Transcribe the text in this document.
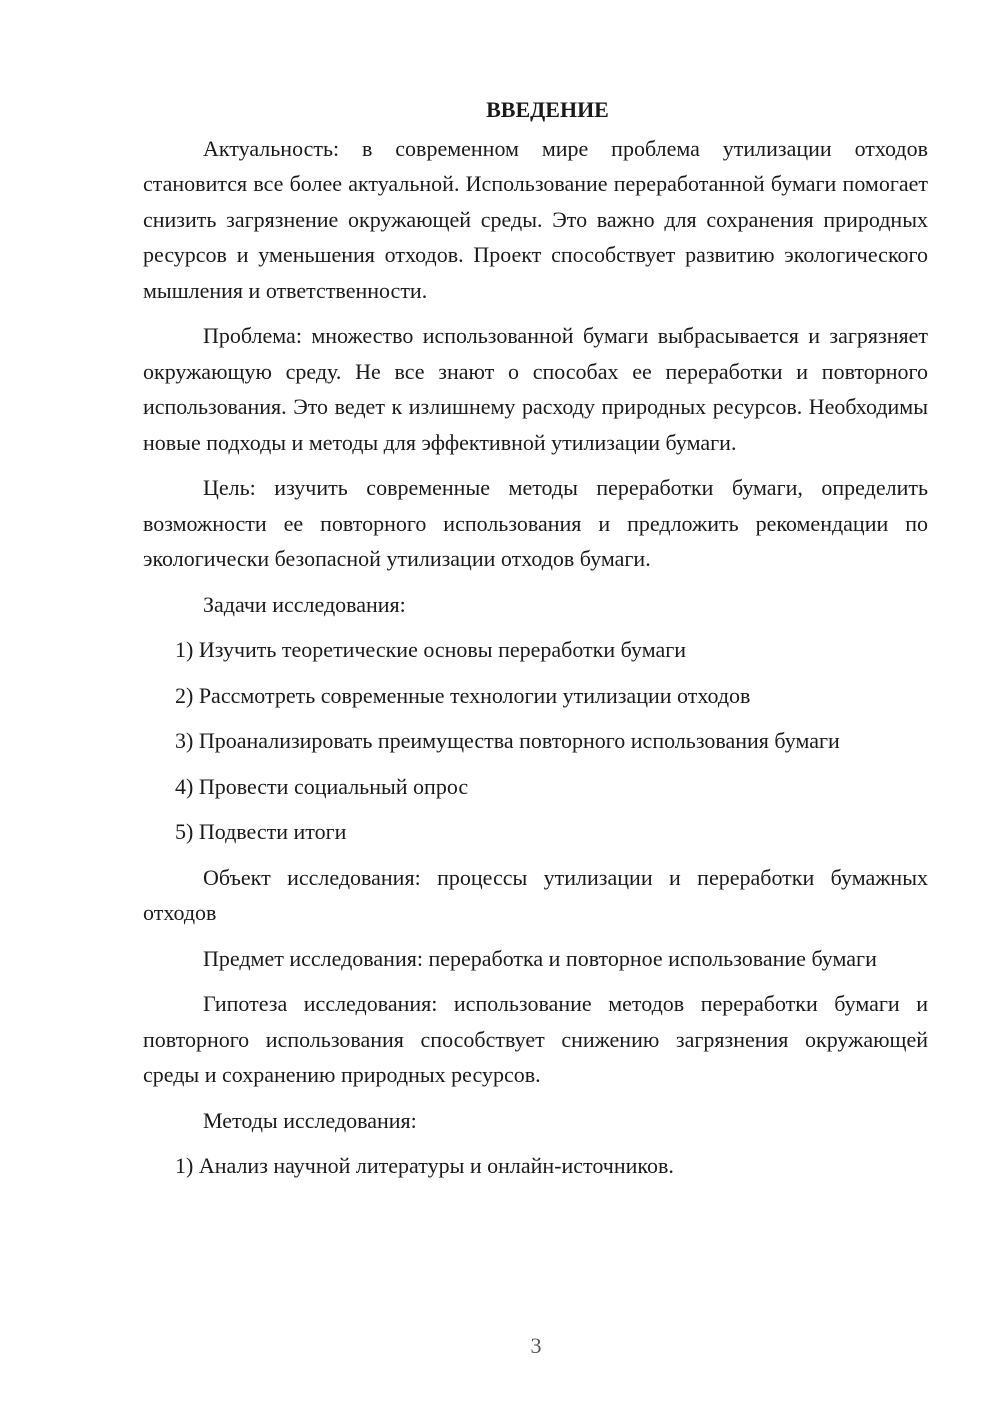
ВВЕДЕНИЕ

Актуальность: в современном мире проблема утилизации отходов становится все более актуальной. Использование переработанной бумаги помогает снизить загрязнение окружающей среды. Это важно для сохранения природных ресурсов и уменьшения отходов. Проект способствует развитию экологического мышления и ответственности.

Проблема: множество использованной бумаги выбрасывается и загрязняет окружающую среду. Не все знают о способах ее переработки и повторного использования. Это ведет к излишнему расходу природных ресурсов. Необходимы новые подходы и методы для эффективной утилизации бумаги.

Цель: изучить современные методы переработки бумаги, определить возможности ее повторного использования и предложить рекомендации по экологически безопасной утилизации отходов бумаги.

Задачи исследования:

1) Изучить теоретические основы переработки бумаги

2) Рассмотреть современные технологии утилизации отходов

3) Проанализировать преимущества повторного использования бумаги

4) Провести социальный опрос

5) Подвести итоги

Объект исследования: процессы утилизации и переработки бумажных отходов

Предмет исследования: переработка и повторное использование бумаги

Гипотеза исследования: использование методов переработки бумаги и повторного использования способствует снижению загрязнения окружающей среды и сохранению природных ресурсов.

Методы исследования:

1) Анализ научной литературы и онлайн-источников.

3
